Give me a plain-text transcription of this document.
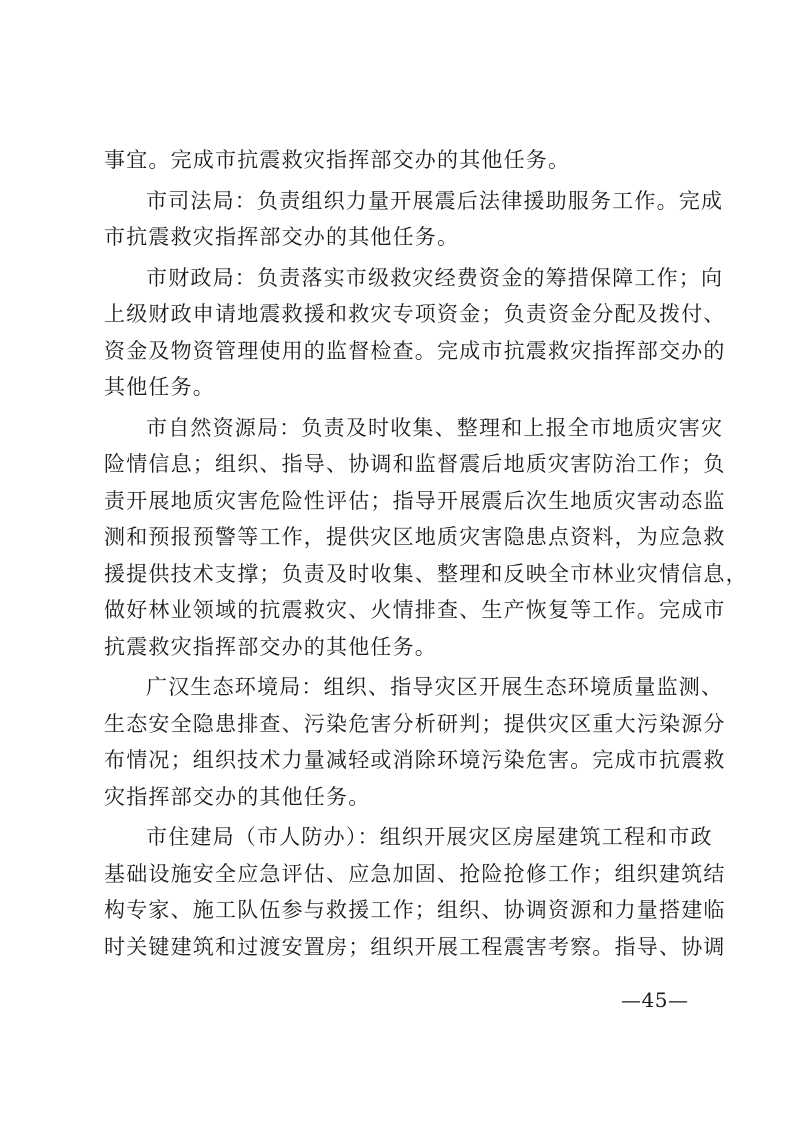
事宜。完成市抗震救灾指挥部交办的其他任务。

市司法局：负责组织力量开展震后法律援助服务工作。完成
市抗震救灾指挥部交办的其他任务。

市财政局：负责落实市级救灾经费资金的筹措保障工作；向
上级财政申请地震救援和救灾专项资金；负责资金分配及拨付、
资金及物资管理使用的监督检查。完成市抗震救灾指挥部交办的
其他任务。

市自然资源局：负责及时收集、整理和上报全市地质灾害灾
险情信息；组织、指导、协调和监督震后地质灾害防治工作；负
责开展地质灾害危险性评估；指导开展震后次生地质灾害动态监
测和预报预警等工作，提供灾区地质灾害隐患点资料，为应急救
援提供技术支撑；负责及时收集、整理和反映全市林业灾情信息，
做好林业领域的抗震救灾、火情排查、生产恢复等工作。完成市
抗震救灾指挥部交办的其他任务。

广汉生态环境局：组织、指导灾区开展生态环境质量监测、
生态安全隐患排查、污染危害分析研判；提供灾区重大污染源分
布情况；组织技术力量减轻或消除环境污染危害。完成市抗震救
灾指挥部交办的其他任务。

市住建局（市人防办）：组织开展灾区房屋建筑工程和市政
基础设施安全应急评估、应急加固、抢险抢修工作；组织建筑结
构专家、施工队伍参与救援工作；组织、协调资源和力量搭建临
时关键建筑和过渡安置房；组织开展工程震害考察。指导、协调

—45—
